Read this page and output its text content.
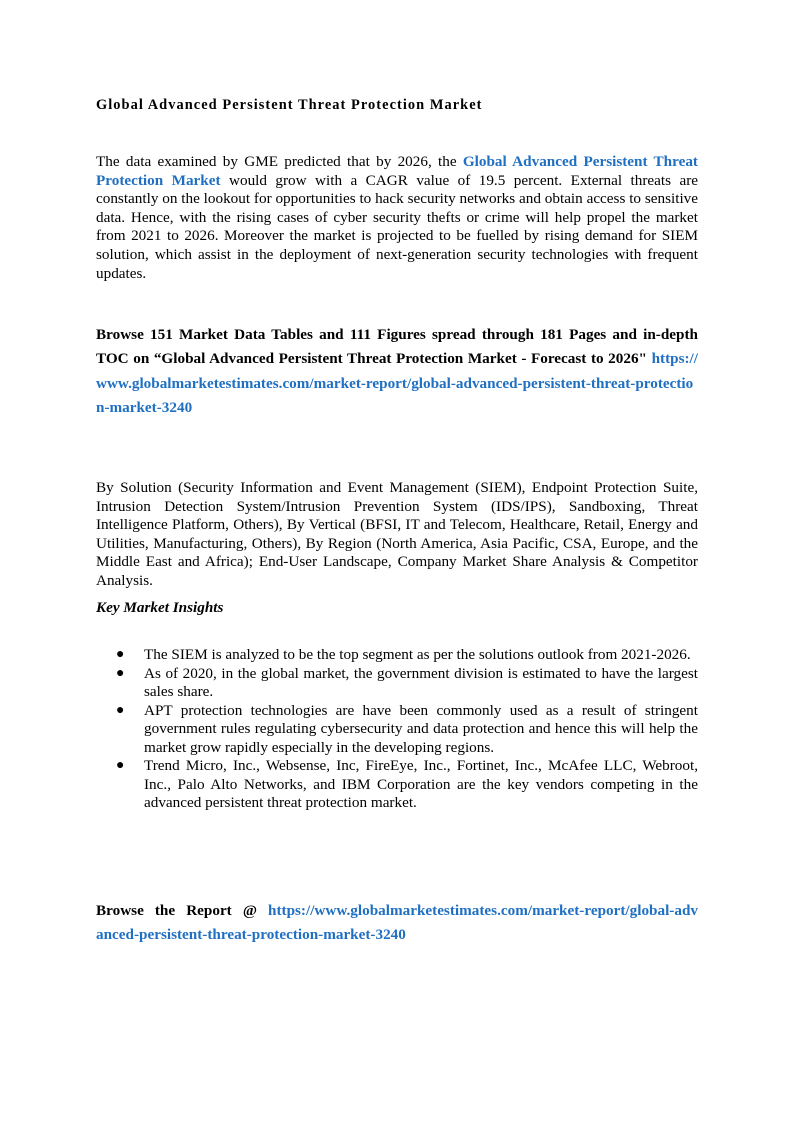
Global Advanced Persistent Threat Protection Market

The data examined by GME predicted that by 2026, the Global Advanced Persistent Threat Protection Market would grow with a CAGR value of 19.5 percent. External threats are constantly on the lookout for opportunities to hack security networks and obtain access to sensitive data. Hence, with the rising cases of cyber security thefts or crime will help propel the market from 2021 to 2026. Moreover the market is projected to be fuelled by rising demand for SIEM solution, which assist in the deployment of next-generation security technologies with frequent updates.

Browse 151 Market Data Tables and 111 Figures spread through 181 Pages and in-depth TOC on “Global Advanced Persistent Threat Protection Market - Forecast to 2026" https://www.globalmarketestimates.com/market-report/global-advanced-persistent-threat-protection-market-3240

By Solution (Security Information and Event Management (SIEM), Endpoint Protection Suite, Intrusion Detection System/Intrusion Prevention System (IDS/IPS), Sandboxing, Threat Intelligence Platform, Others), By Vertical (BFSI, IT and Telecom, Healthcare, Retail, Energy and Utilities, Manufacturing, Others), By Region (North America, Asia Pacific, CSA, Europe, and the Middle East and Africa); End-User Landscape, Company Market Share Analysis & Competitor Analysis.

Key Market Insights

● The SIEM is analyzed to be the top segment as per the solutions outlook from 2021-2026.
● As of 2020, in the global market, the government division is estimated to have the largest sales share.
● APT protection technologies are have been commonly used as a result of stringent government rules regulating cybersecurity and data protection and hence this will help the market grow rapidly especially in the developing regions.
● Trend Micro, Inc., Websense, Inc, FireEye, Inc., Fortinet, Inc., McAfee LLC, Webroot, Inc., Palo Alto Networks, and IBM Corporation are the key vendors competing in the advanced persistent threat protection market.

Browse the Report @ https://www.globalmarketestimates.com/market-report/global-advanced-persistent-threat-protection-market-3240
